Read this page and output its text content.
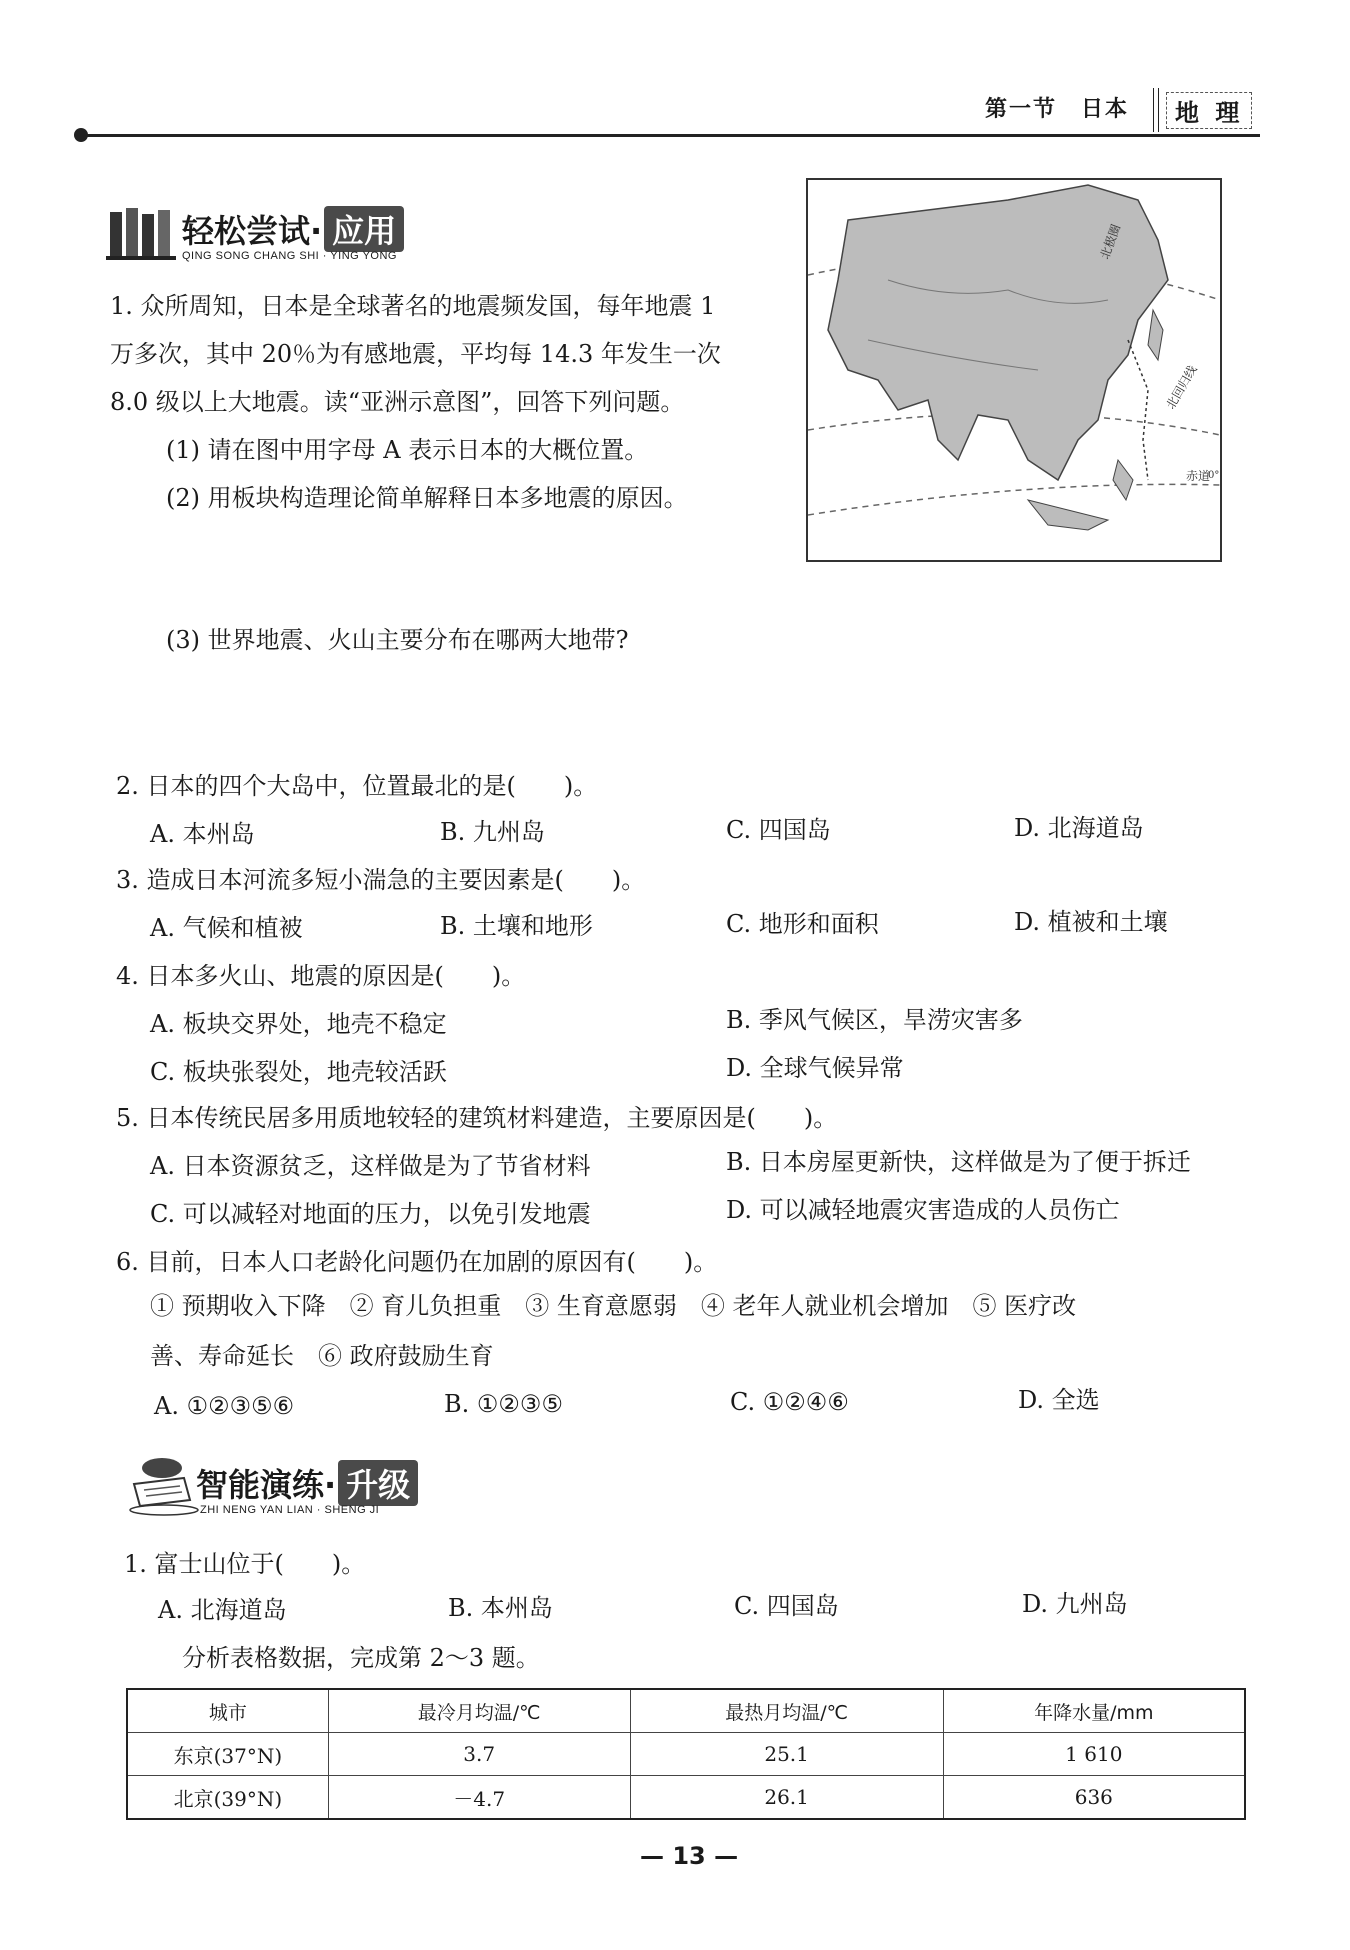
第一节　日本	地 理
轻松尝试· 应用
QING SONG CHANG SHI · YING YONG	北极圈
北回归线
赤道
0°
1. 众所周知，日本是全球著名的地震频发国，每年地震 1
万多次，其中 20％为有感地震，平均每 14.3 年发生一次
8.0 级以上大地震。读“亚洲示意图”，回答下列问题。
(1) 请在图中用字母 A 表示日本的大概位置。
(2) 用板块构造理论简单解释日本多地震的原因。
(3) 世界地震、火山主要分布在哪两大地带?
2. 日本的四个大岛中，位置最北的是(　　)。
A. 本州岛	B. 九州岛	C. 四国岛	D. 北海道岛
3. 造成日本河流多短小湍急的主要因素是(　　)。
A. 气候和植被	B. 土壤和地形	C. 地形和面积	D. 植被和土壤
4. 日本多火山、地震的原因是(　　)。
A. 板块交界处，地壳不稳定	B. 季风气候区，旱涝灾害多
C. 板块张裂处，地壳较活跃	D. 全球气候异常
5. 日本传统民居多用质地较轻的建筑材料建造，主要原因是(　　)。
A. 日本资源贫乏，这样做是为了节省材料	B. 日本房屋更新快，这样做是为了便于拆迁
C. 可以减轻对地面的压力，以免引发地震	D. 可以减轻地震灾害造成的人员伤亡
6. 目前，日本人口老龄化问题仍在加剧的原因有(　　)。
① 预期收入下降　② 育儿负担重　③ 生育意愿弱　④ 老年人就业机会增加　⑤ 医疗改
善、寿命延长　⑥ 政府鼓励生育
A. ①②③⑤⑥	B. ①②③⑤	C. ①②④⑥	D. 全选
智能演练· 升级
ZHI NENG YAN LIAN · SHENG JI
1. 富士山位于(　　)。
A. 北海道岛	B. 本州岛	C. 四国岛	D. 九州岛
分析表格数据，完成第 2～3 题。
城市	最冷月均温/℃	最热月均温/℃	年降水量/mm
东京(37°N)	3.7	25.1	1 610
北京(39°N)	－4.7	26.1	636
— 13 —
